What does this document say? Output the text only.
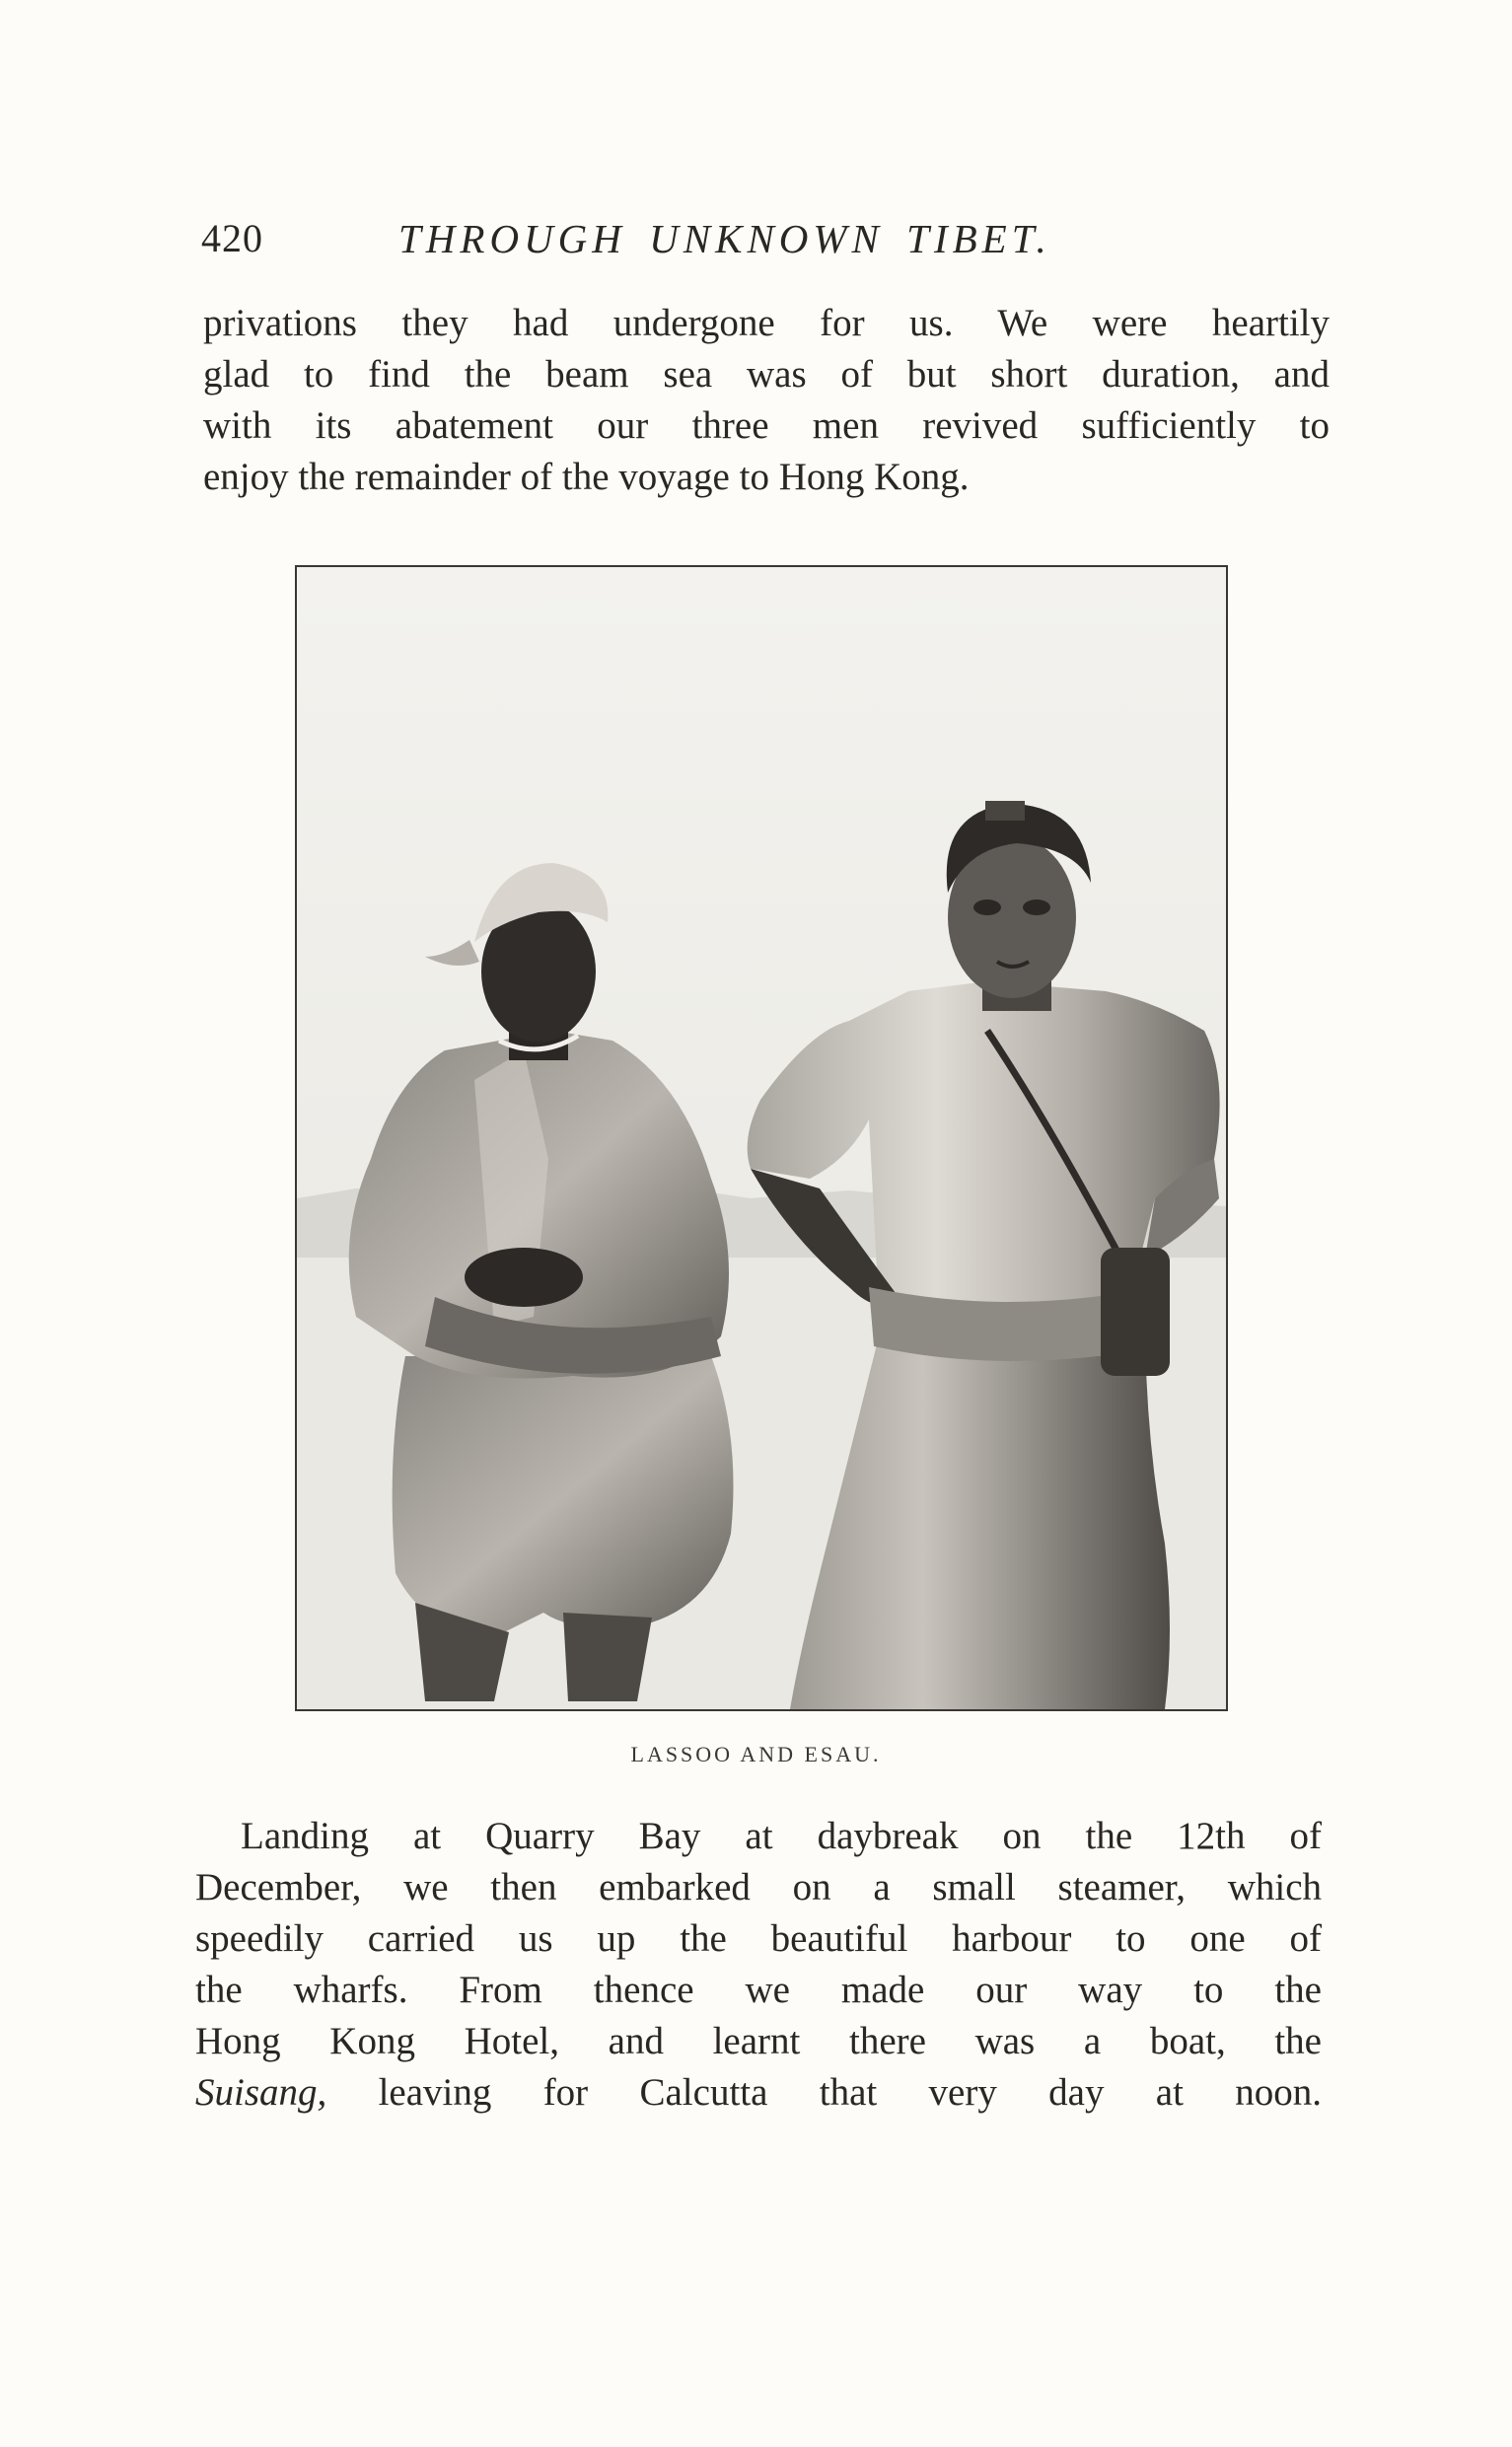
420	THROUGH UNKNOWN TIBET.
privations they had undergone for us. We were heartily
glad to find the beam sea was of but short duration, and
with its abatement our three men revived sufficiently to
enjoy the remainder of the voyage to Hong Kong.
LASSOO AND ESAU.
Landing at Quarry Bay at daybreak on the 12th of
December, we then embarked on a small steamer, which
speedily carried us up the beautiful harbour to one of
the wharfs. From thence we made our way to the
Hong Kong Hotel, and learnt there was a boat, the
Suisang, leaving for Calcutta that very day at noon.
